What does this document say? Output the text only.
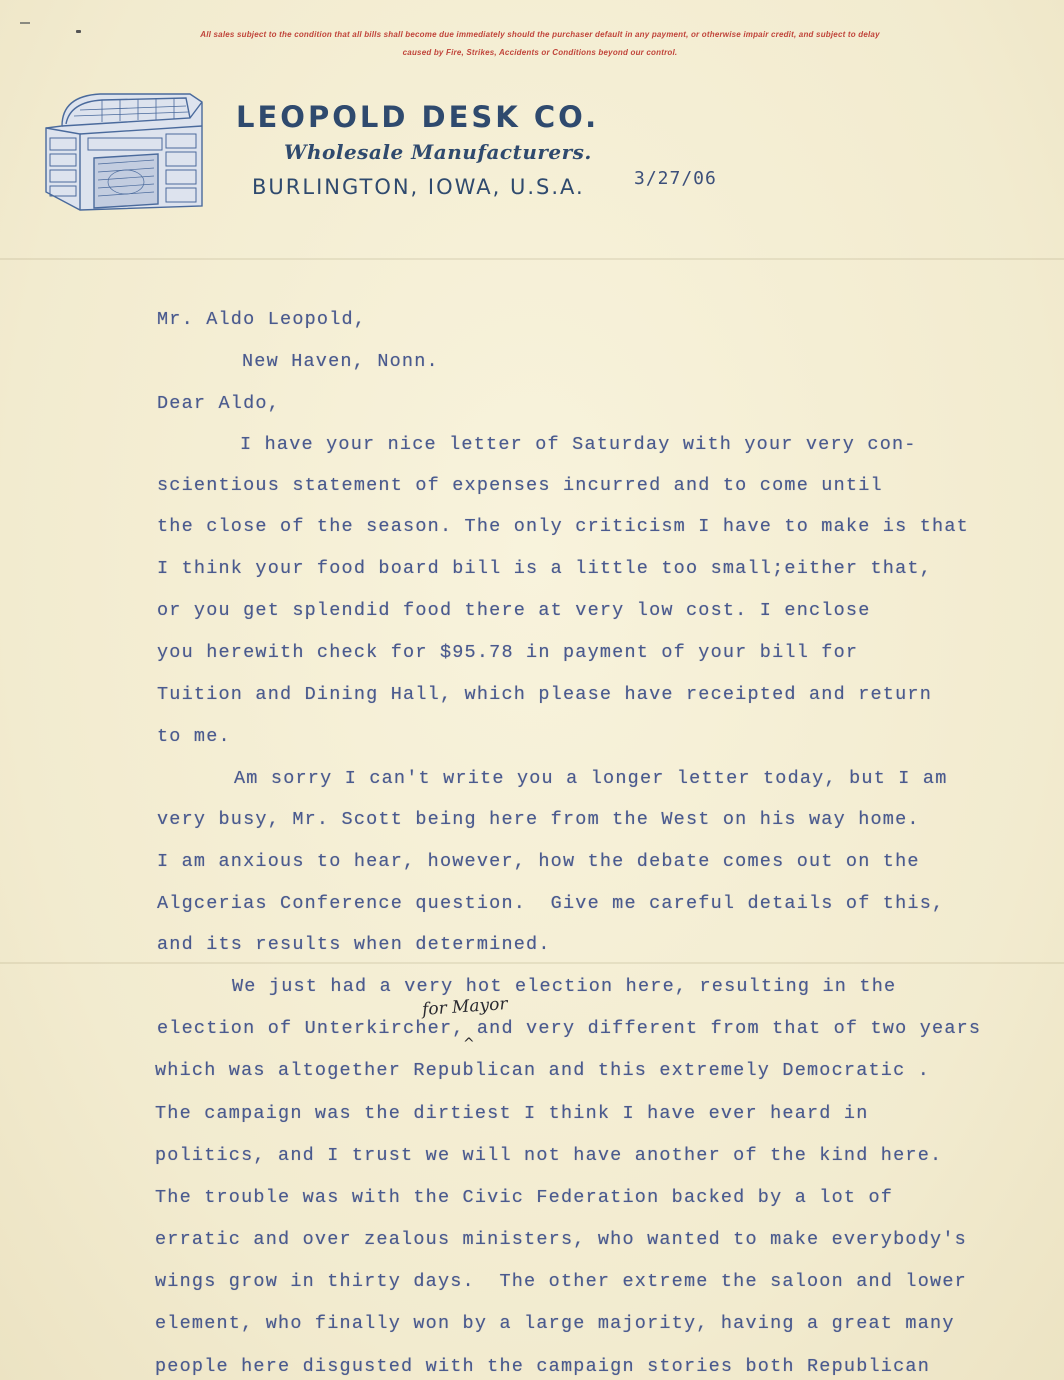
All sales subject to the condition that all bills shall become due immediately should the purchaser default in any payment, or otherwise impair credit, and subject to delay
caused by Fire, Strikes, Accidents or Conditions beyond our control.
LEOPOLD DESK CO.
Wholesale Manufacturers.
BURLINGTON, IOWA, U.S.A.	3/27/06
Mr. Aldo Leopold,
New Haven, Nonn.
Dear Aldo,
I have your nice letter of Saturday with your very con-
scientious statement of expenses incurred and to come until
the close of the season. The only criticism I have to make is that
I think your food board bill is a little too small;either that,
or you get splendid food there at very low cost. I enclose
you herewith check for $95.78 in payment of your bill for
Tuition and Dining Hall, which please have receipted and return
to me.
Am sorry I can't write you a longer letter today, but I am
very busy, Mr. Scott being here from the West on his way home.
I am anxious to hear, however, how the debate comes out on the
Algcerias Conference question.  Give me careful details of this,
and its results when determined.
We just had a very hot election here, resulting in the
for Mayor
election of Unterkircher, and very different from that of two years
^
which was altogether Republican and this extremely Democratic .
The campaign was the dirtiest I think I have ever heard in
politics, and I trust we will not have another of the kind here.
The trouble was with the Civic Federation backed by a lot of
erratic and over zealous ministers, who wanted to make everybody's
wings grow in thirty days.  The other extreme the saloon and lower
element, who finally won by a large majority, having a great many
people here disgusted with the campaign stories both Republican
